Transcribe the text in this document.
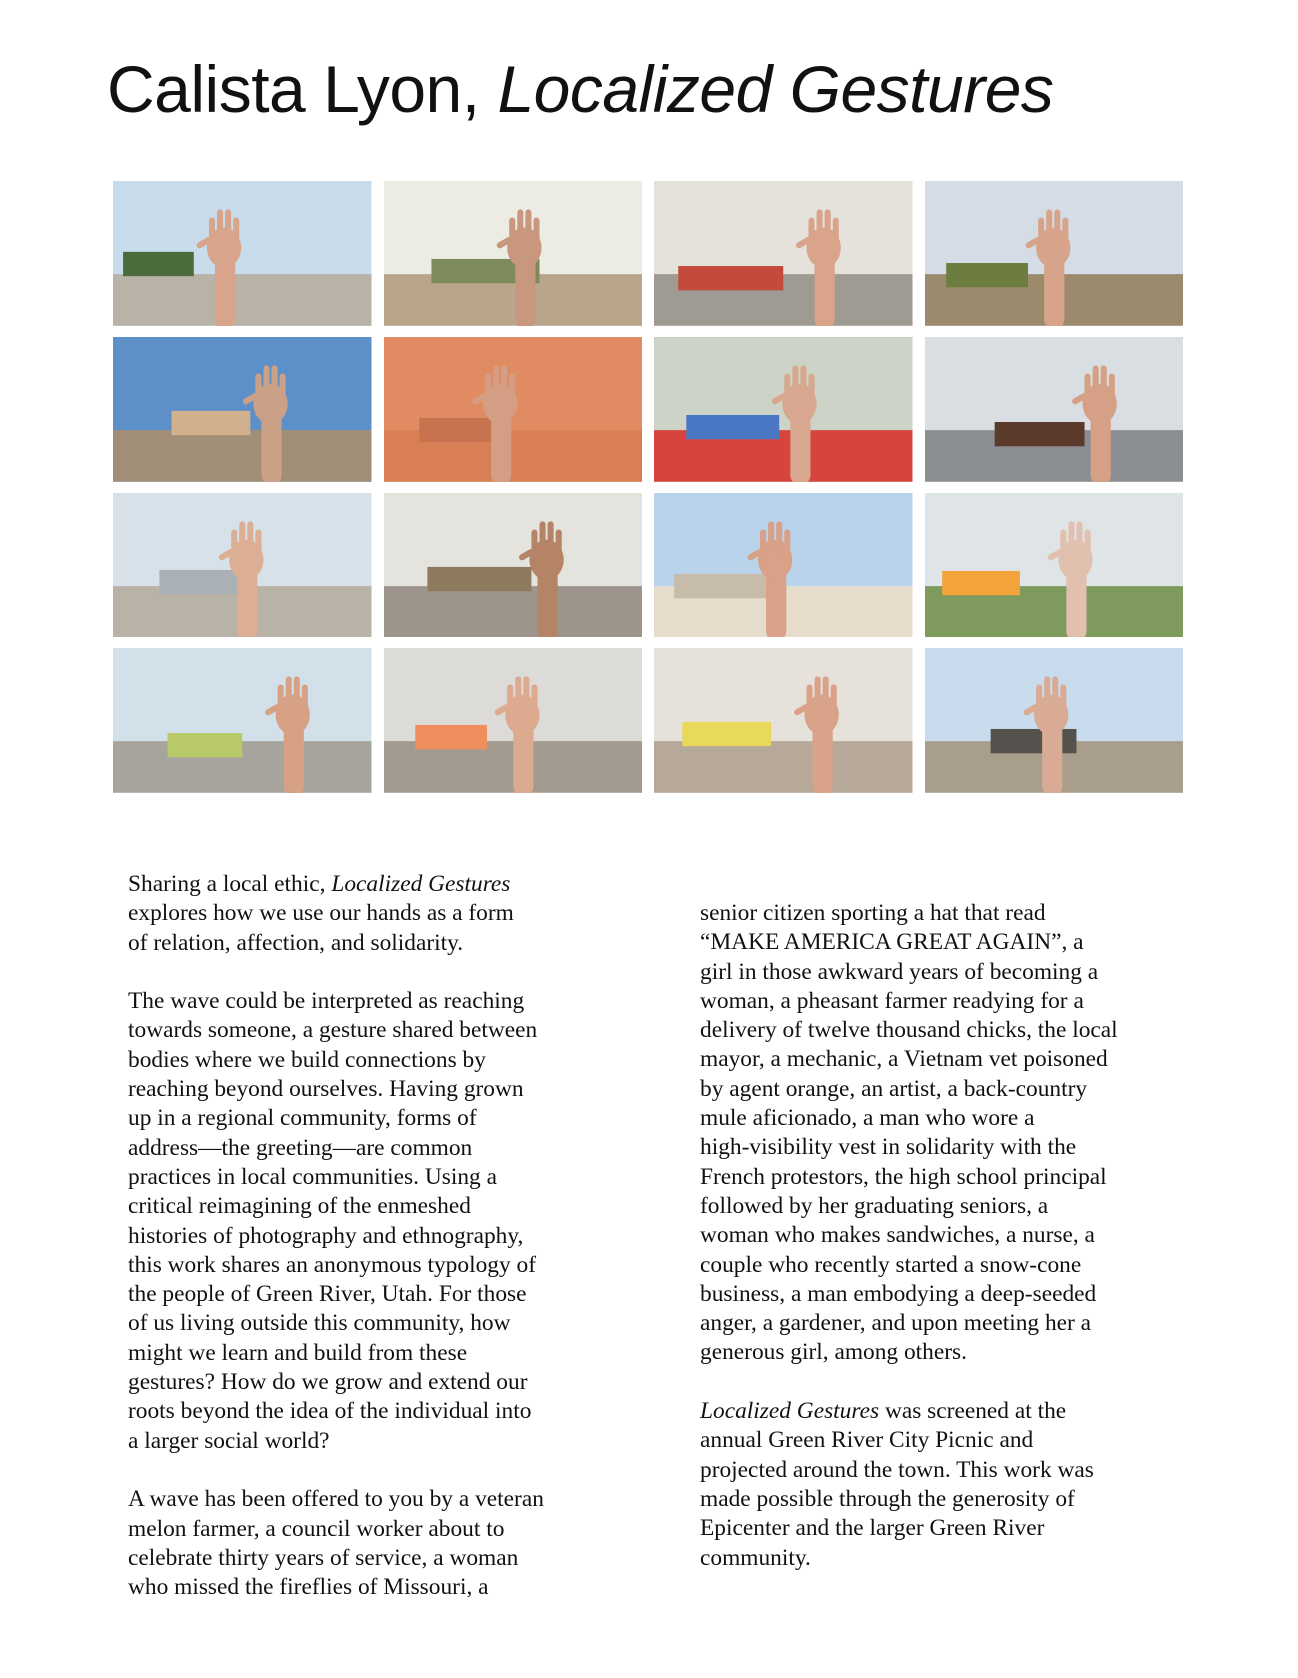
Calista Lyon, Localized Gestures

Sharing a local ethic, Localized Gestures
explores how we use our hands as a form
of relation, affection, and solidarity.

The wave could be interpreted as reaching
towards someone, a gesture shared between
bodies where we build connections by
reaching beyond ourselves. Having grown
up in a regional community, forms of
address—the greeting—are common
practices in local communities. Using a
critical reimagining of the enmeshed
histories of photography and ethnography,
this work shares an anonymous typology of
the people of Green River, Utah. For those
of us living outside this community, how
might we learn and build from these
gestures? How do we grow and extend our
roots beyond the idea of the individual into
a larger social world?

A wave has been offered to you by a veteran
melon farmer, a council worker about to
celebrate thirty years of service, a woman
who missed the fireflies of Missouri, a

senior citizen sporting a hat that read
“MAKE AMERICA GREAT AGAIN”, a
girl in those awkward years of becoming a
woman, a pheasant farmer readying for a
delivery of twelve thousand chicks, the local
mayor, a mechanic, a Vietnam vet poisoned
by agent orange, an artist, a back-country
mule aficionado, a man who wore a
high-visibility vest in solidarity with the
French protestors, the high school principal
followed by her graduating seniors, a
woman who makes sandwiches, a nurse, a
couple who recently started a snow-cone
business, a man embodying a deep-seeded
anger, a gardener, and upon meeting her a
generous girl, among others.

Localized Gestures was screened at the
annual Green River City Picnic and
projected around the town. This work was
made possible through the generosity of
Epicenter and the larger Green River
community.
